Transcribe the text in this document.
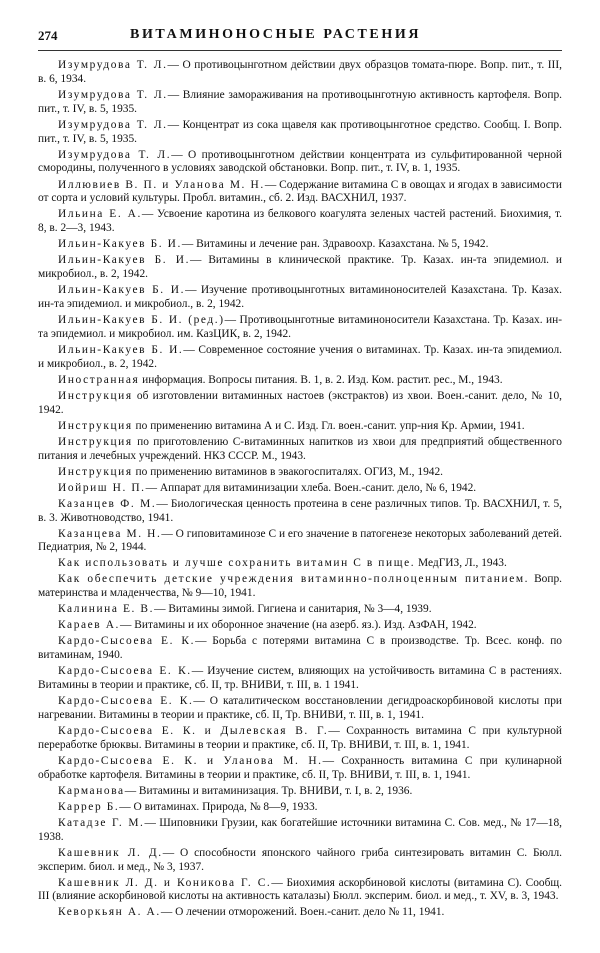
274	ВИТАМИНОНОСНЫЕ РАСТЕНИЯ

Изумрудова Т. Л.— О противоцынготном действии двух образцов томата-пюре. Вопр. пит., т. III, в. 6, 1934.

Изумрудова Т. Л.— Влияние замораживания на противоцынготную активность картофеля. Вопр. пит., т. IV, в. 5, 1935.

Изумрудова Т. Л.— Концентрат из сока щавеля как противоцынготное средство. Сообщ. I. Вопр. пит., т. IV, в. 5, 1935.

Изумрудова Т. Л.— О противоцынготном действии концентрата из сульфитированной черной смородины, полученного в условиях заводской обстановки. Вопр. пит., т. IV, в. 1, 1935.

Иллювиев В. П. и Уланова М. Н.— Содержание витамина С в овощах и ягодах в зависимости от сорта и условий культуры. Пробл. витамин., сб. 2. Изд. ВАСХНИЛ, 1937.

Ильина Е. А.— Усвоение каротина из белкового коагулята зеленых частей растений. Биохимия, т. 8, в. 2—3, 1943.

Ильин-Какуев Б. И.— Витамины и лечение ран. Здравоохр. Казахстана. № 5, 1942.

Ильин-Какуев Б. И.— Витамины в клинической практике. Тр. Казах. ин-та эпидемиол. и микробиол., в. 2, 1942.

Ильин-Какуев Б. И.— Изучение противоцынготных витаминоносителей Казахстана. Тр. Казах. ин-та эпидемиол. и микробиол., в. 2, 1942.

Ильин-Какуев Б. И. (ред.)— Противоцынготные витаминоносители Казахстана. Тр. Казах. ин-та эпидемиол. и микробиол. им. КазЦИК, в. 2, 1942.

Ильин-Какуев Б. И.— Современное состояние учения о витаминах. Тр. Казах. ин-та эпидемиол. и микробиол., в. 2, 1942.

Иностранная информация. Вопросы питания. В. 1, в. 2. Изд. Ком. растит. рес., М., 1943.

Инструкция об изготовлении витаминных настоев (экстрактов) из хвои. Воен.-санит. дело, № 10, 1942.

Инструкция по применению витамина А и С. Изд. Гл. воен.-санит. упр-ния Кр. Армии, 1941.

Инструкция по приготовлению С-витаминных напитков из хвои для предприятий общественного питания и лечебных учреждений. НКЗ СССР. М., 1943.

Инструкция по применению витаминов в эвакогоспиталях. ОГИЗ, М., 1942.

Иойриш Н. П.— Аппарат для витаминизации хлеба. Воен.-санит. дело, № 6, 1942.

Казанцев Ф. М.— Биологическая ценность протеина в сене различных типов. Тр. ВАСХНИЛ, т. 5, в. 3. Животноводство, 1941.

Казанцева М. Н.— О гиповитаминозе С и его значение в патогенезе некоторых заболеваний детей. Педиатрия, № 2, 1944.

Как использовать и лучше сохранить витамин С в пище. МедГИЗ, Л., 1943.

Как обеспечить детские учреждения витаминно-полноценным питанием. Вопр. материнства и младенчества, № 9—10, 1941.

Калинина Е. В.— Витамины зимой. Гигиена и санитария, № 3—4, 1939.

Караев А.— Витамины и их оборонное значение (на азерб. яз.). Изд. АзФАН, 1942.

Кардо-Сысоева Е. К.— Борьба с потерями витамина С в производстве. Тр. Всес. конф. по витаминам, 1940.

Кардо-Сысоева Е. К.— Изучение систем, влияющих на устойчивость витамина С в растениях. Витамины в теории и практике, сб. II, тр. ВНИВИ, т. III, в. 1 1941.

Кардо-Сысоева Е. К.— О каталитическом восстановлении дегидроаскорбиновой кислоты при нагревании. Витамины в теории и практике, сб. II, Тр. ВНИВИ, т. III, в. 1, 1941.

Кардо-Сысоева Е. К. и Дылевская В. Г.— Сохранность витамина С при культурной переработке брюквы. Витамины в теории и практике, сб. II, Тр. ВНИВИ, т. III, в. 1, 1941.

Кардо-Сысоева Е. К. и Уланова М. Н.— Сохранность витамина С при кулинарной обработке картофеля. Витамины в теории и практике, сб. II, Тр. ВНИВИ, т. III, в. 1, 1941.

Карманова— Витамины и витаминизация. Тр. ВНИВИ, т. I, в. 2, 1936.

Каррер Б.— О витаминах. Природа, № 8—9, 1933.

Катадзе Г. М.— Шиповники Грузии, как богатейшие источники витамина С. Сов. мед., № 17—18, 1938.

Кашевник Л. Д.— О способности японского чайного гриба синтезировать витамин С. Бюлл. эксперим. биол. и мед., № 3, 1937.

Кашевник Л. Д. и Коникова Г. С.— Биохимия аскорбиновой кислоты (витамина С). Сообщ. III (влияние аскорбиновой кислоты на активность каталазы) Бюлл. эксперим. биол. и мед., т. XV, в. 3, 1943.

Кеворкьян А. А.— О лечении отморожений. Воен.-санит. дело № 11, 1941.
